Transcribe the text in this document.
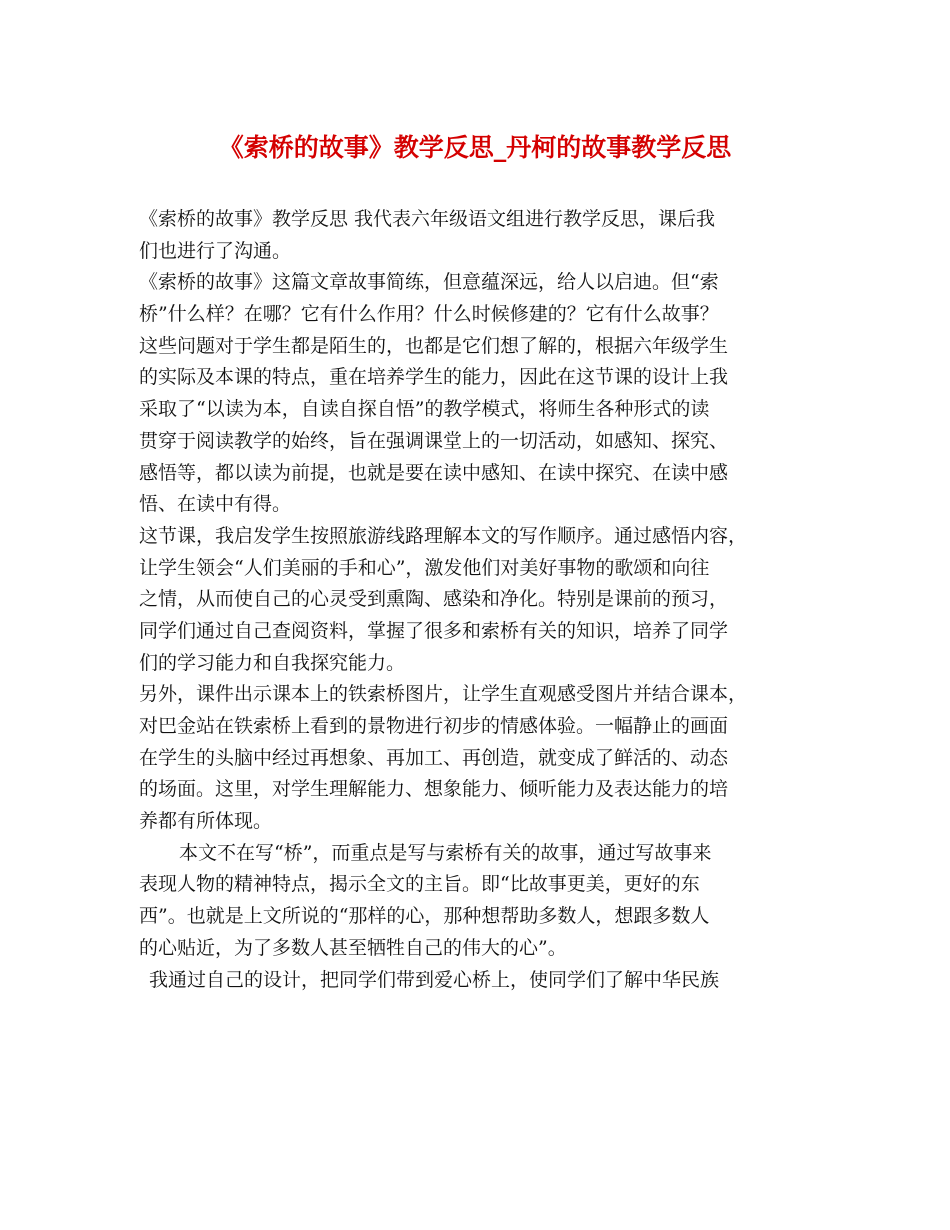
《索桥的故事》教学反思_丹柯的故事教学反思
《索桥的故事》教学反思 我代表六年级语文组进行教学反思，课后我
们也进行了沟通。
《索桥的故事》这篇文章故事简练，但意蕴深远，给人以启迪。但“索
桥”什么样？在哪？它有什么作用？什么时候修建的？它有什么故事？
这些问题对于学生都是陌生的，也都是它们想了解的，根据六年级学生
的实际及本课的特点，重在培养学生的能力，因此在这节课的设计上我
采取了“以读为本，自读自探自悟”的教学模式，将师生各种形式的读
贯穿于阅读教学的始终，旨在强调课堂上的一切活动，如感知、探究、
感悟等，都以读为前提，也就是要在读中感知、在读中探究、在读中感
悟、在读中有得。
这节课，我启发学生按照旅游线路理解本文的写作顺序。通过感悟内容，
让学生领会“人们美丽的手和心”，激发他们对美好事物的歌颂和向往
之情，从而使自己的心灵受到熏陶、感染和净化。特别是课前的预习，
同学们通过自己查阅资料，掌握了很多和索桥有关的知识，培养了同学
们的学习能力和自我探究能力。
另外，课件出示课本上的铁索桥图片，让学生直观感受图片并结合课本，
对巴金站在铁索桥上看到的景物进行初步的情感体验。一幅静止的画面
在学生的头脑中经过再想象、再加工、再创造，就变成了鲜活的、动态
的场面。这里，对学生理解能力、想象能力、倾听能力及表达能力的培
养都有所体现。
本文不在写“桥”，而重点是写与索桥有关的故事，通过写故事来
表现人物的精神特点，揭示全文的主旨。即“比故事更美，更好的东
西”。也就是上文所说的“那样的心，那种想帮助多数人，想跟多数人
的心贴近，为了多数人甚至牺牲自己的伟大的心”。
我通过自己的设计，把同学们带到爱心桥上，使同学们了解中华民族
